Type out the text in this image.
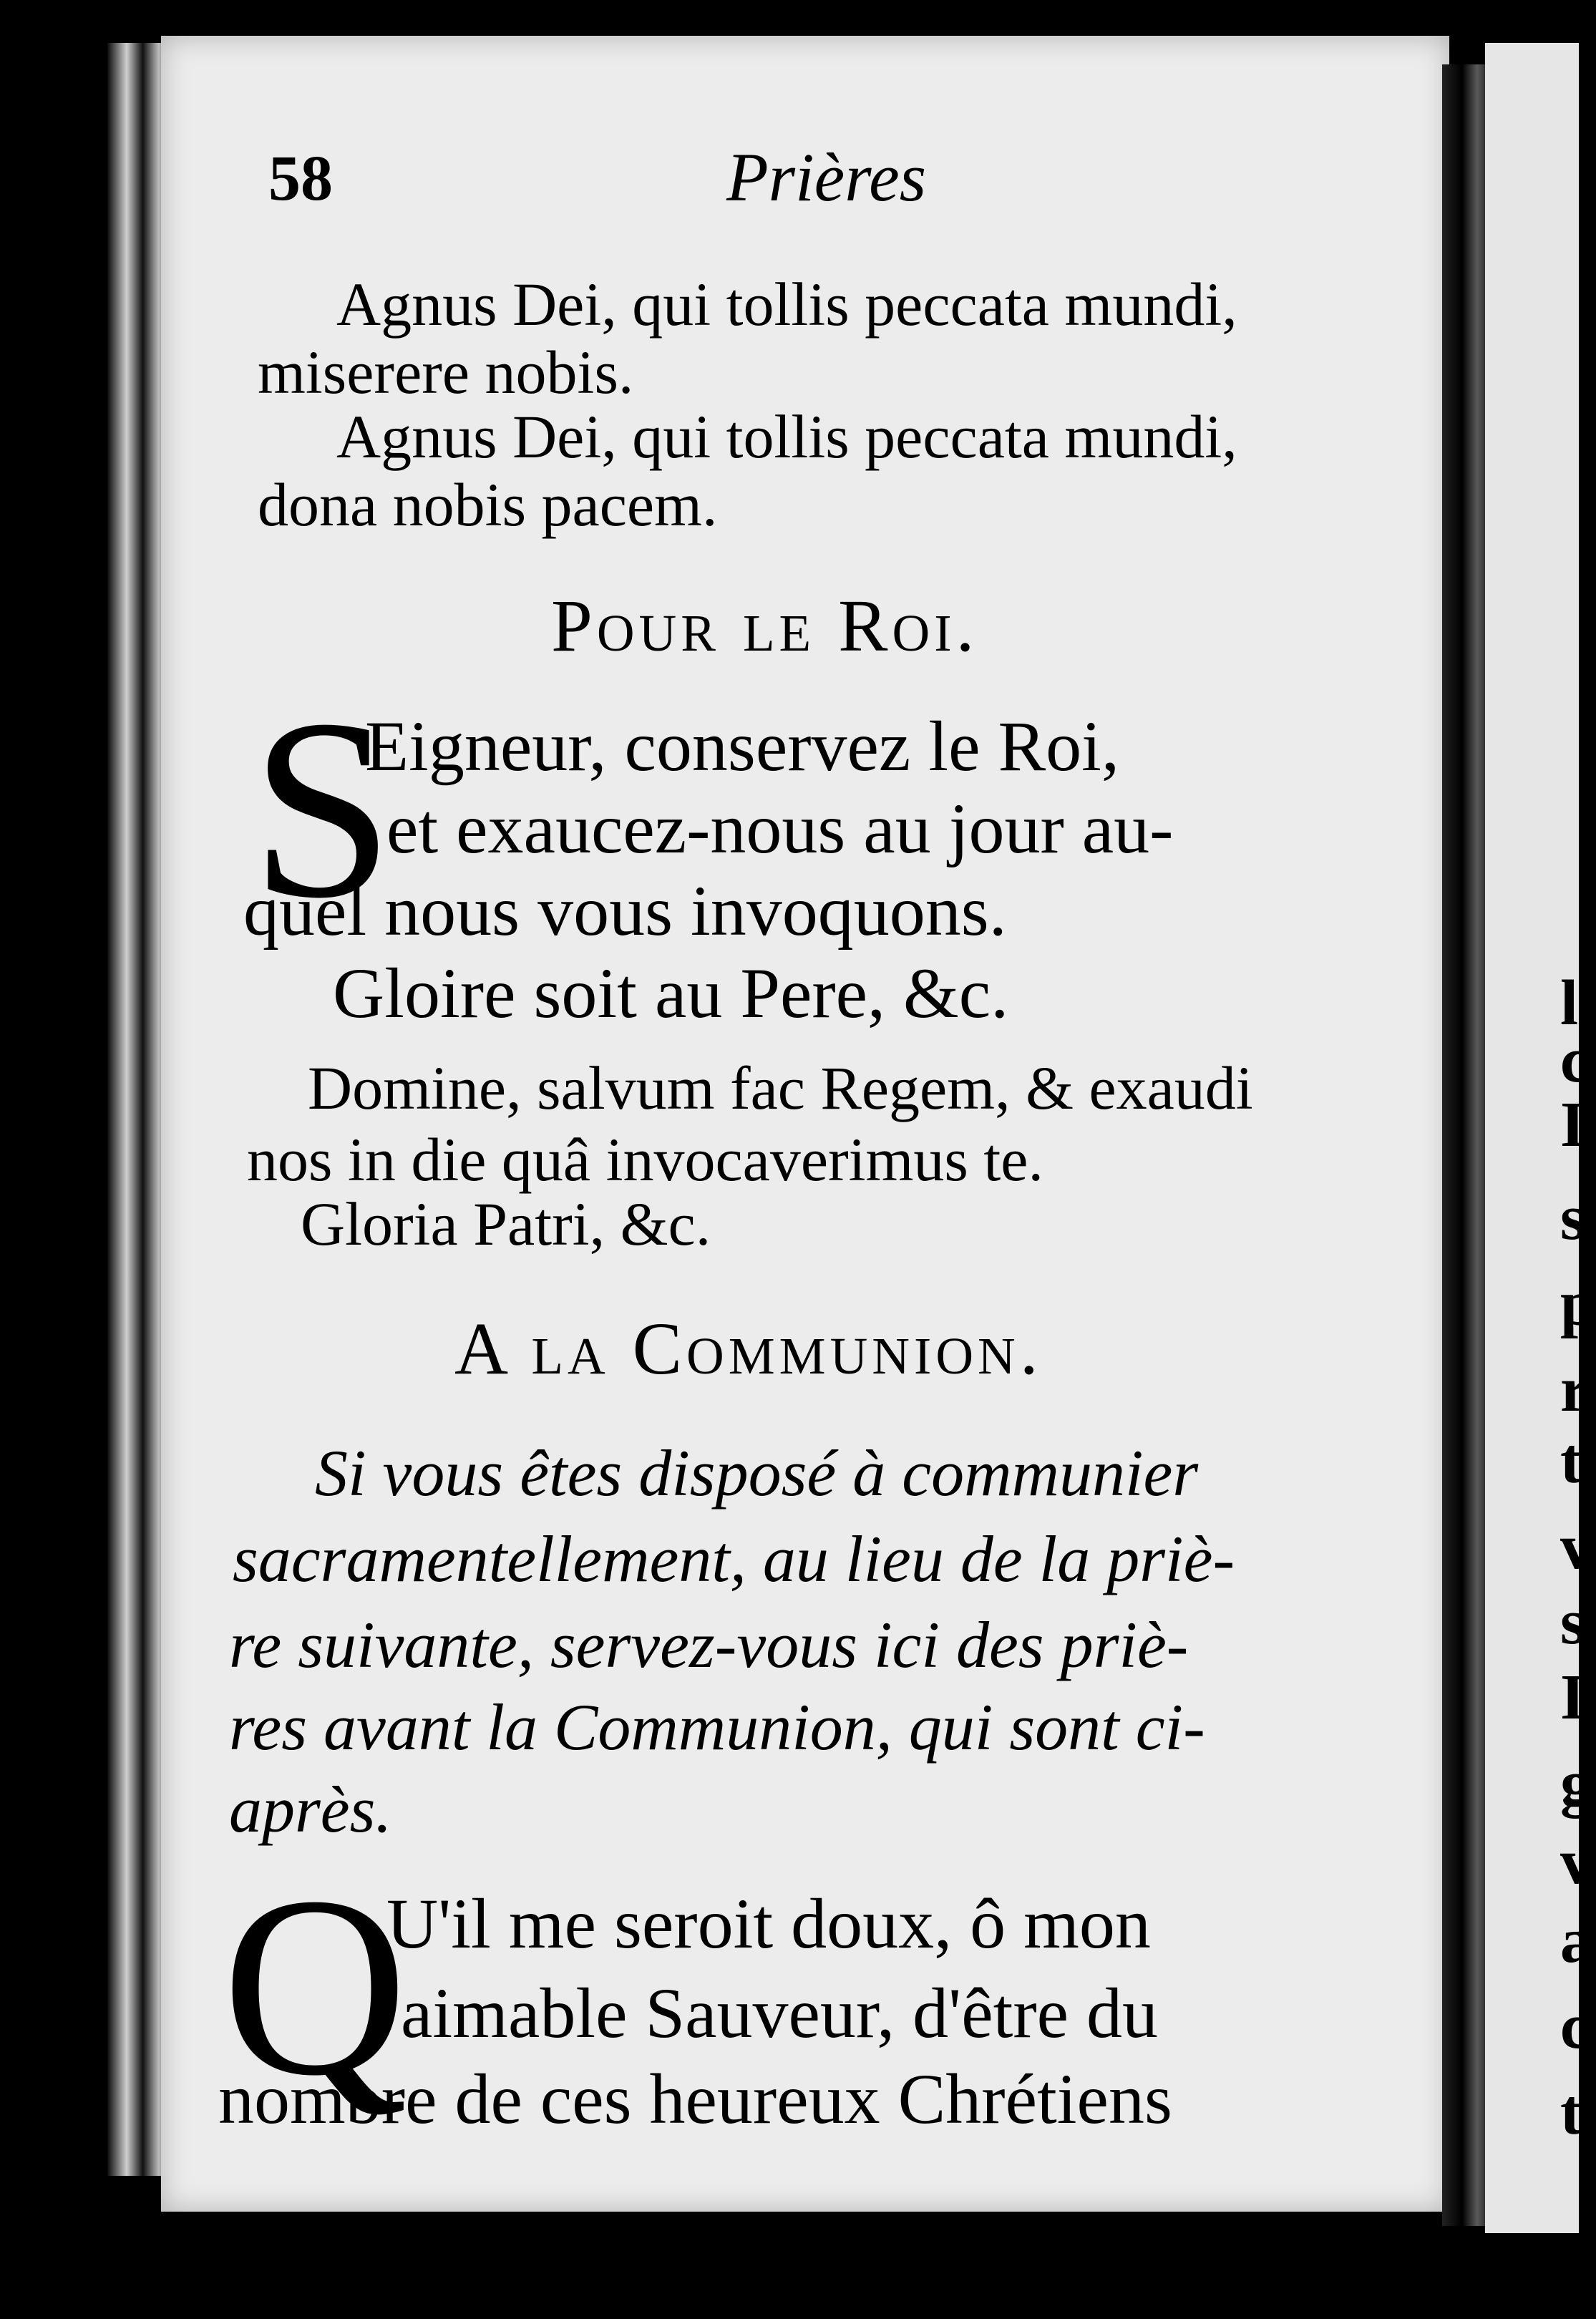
58	Prières
Agnus Dei, qui tollis peccata mundi,
miserere nobis.
Agnus Dei, qui tollis peccata mundi,
dona nobis pacem.
Pour le Roi.
S
Eigneur, conservez le Roi,
et exaucez-nous au jour au-
quel nous vous invoquons.
Gloire soit au Pere, &c.
Domine, salvum fac Regem, & exaudi
nos in die quâ invocaverimus te.
Gloria Patri, &c.
A la Communion.
Si vous êtes disposé à communier
sacramentellement, au lieu de la priè-
re suivante, servez-vous ici des priè-
res avant la Communion, qui sont ci-
après.
Q
U'il me seroit doux, ô mon
aimable Sauveur, d'être du
nombre de ces heureux Chrétiens
l
c
I
s
p
r
t
v
s
I
g
v
a
c
t
